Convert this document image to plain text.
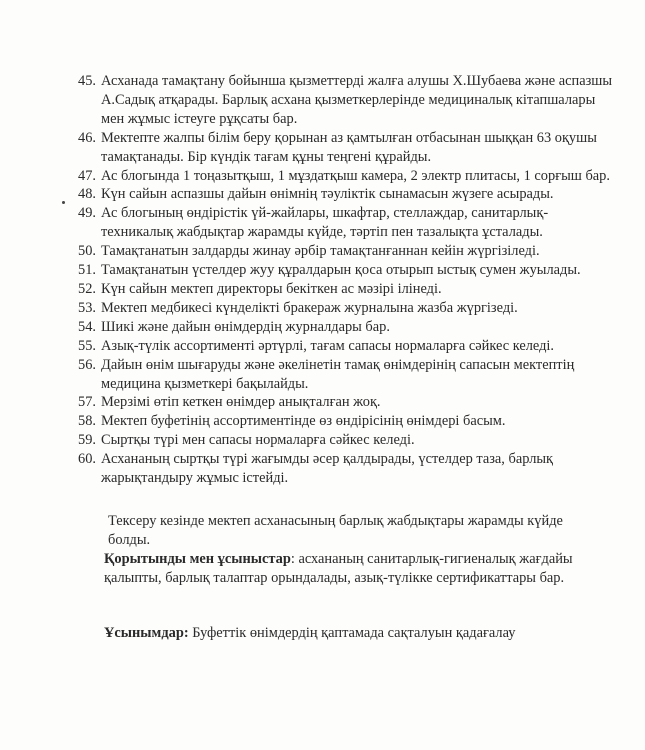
45. Асханада тамақтану бойынша қызметтерді жалға алушы Х.Шубаева және аспазшы А.Садық атқарады. Барлық асхана қызметкерлерінде медициналық кітапшалары мен жұмыс істеуге рұқсаты бар.
46. Мектепте жалпы білім беру қорынан аз қамтылған отбасынан шыққан 63 оқушы тамақтанады. Бір күндік тағам құны теңгені құрайды.
47. Ас блогында 1 тоңазытқыш, 1 мұздатқыш камера, 2 электр плитасы, 1 сорғыш бар.
48. Күн сайын аспазшы дайын өнімнің тәуліктік сынамасын жүзеге асырады.
49. Ас блогының өндірістік үй-жайлары, шкафтар, стеллаждар, санитарлық-техникалық жабдықтар жарамды күйде, тәртіп пен тазалықта ұсталады.
50. Тамақтанатын залдарды жинау әрбір тамақтанғаннан кейін жүргізіледі.
51. Тамақтанатын үстелдер жуу құралдарын қоса отырып ыстық сумен жуылады.
52. Күн сайын мектеп директоры бекіткен ас мәзірі ілінеді.
53. Мектеп медбикесі күнделікті бракераж журналына жазба жүргізеді.
54. Шикі және дайын өнімдердің журналдары бар.
55. Азық-түлік ассортименті әртүрлі, тағам сапасы нормаларға сәйкес келеді.
56. Дайын өнім шығаруды және әкелінетін тамақ өнімдерінің сапасын мектептің медицина қызметкері бақылайды.
57. Мерзімі өтіп кеткен өнімдер анықталған жоқ.
58. Мектеп буфетінің ассортиментінде өз өндірісінің өнімдері басым.
59. Сыртқы түрі мен сапасы нормаларға сәйкес келеді.
60. Асхананың сыртқы түрі жағымды әсер қалдырады, үстелдер таза, барлық жарықтандыру жұмыс істейді.

Тексеру кезінде мектеп асханасының барлық жабдықтары жарамды күйде болды.

Қорытынды мен ұсыныстар: асхананың санитарлық-гигиеналық жағдайы қалыпты, барлық талаптар орындалады, азық-түлікке сертификаттары бар.

Ұсынымдар: Буфеттік өнімдердің қаптамада сақталуын қадағалау
